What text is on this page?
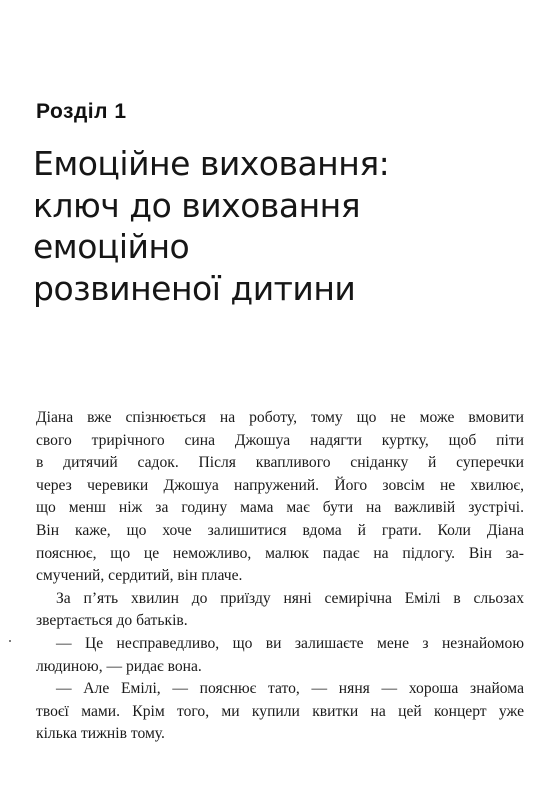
Розділ 1
Емоційне виховання:
ключ до виховання
емоційно
розвиненої дитини
Діана вже спізнюється на роботу, тому що не може вмовити
свого трирічного сина Джошуа надягти куртку, щоб піти
в дитячий садок. Після квапливого сніданку й суперечки
через черевики Джошуа напружений. Його зовсім не хвилює,
що менш ніж за годину мама має бути на важливій зустрічі.
Він каже, що хоче залишитися вдома й грати. Коли Діана
пояснює, що це неможливо, малюк падає на підлогу. Він за-
смучений, сердитий, він плаче.
За п’ять хвилин до приїзду няні семирічна Емілі в сльозах
звертається до батьків.
— Це несправедливо, що ви залишаєте мене з незнайомою
людиною, — ридає вона.
— Але Емілі, — пояснює тато, — няня — хороша знайома
твоєї мами. Крім того, ми купили квитки на цей концерт уже
кілька тижнів тому.
